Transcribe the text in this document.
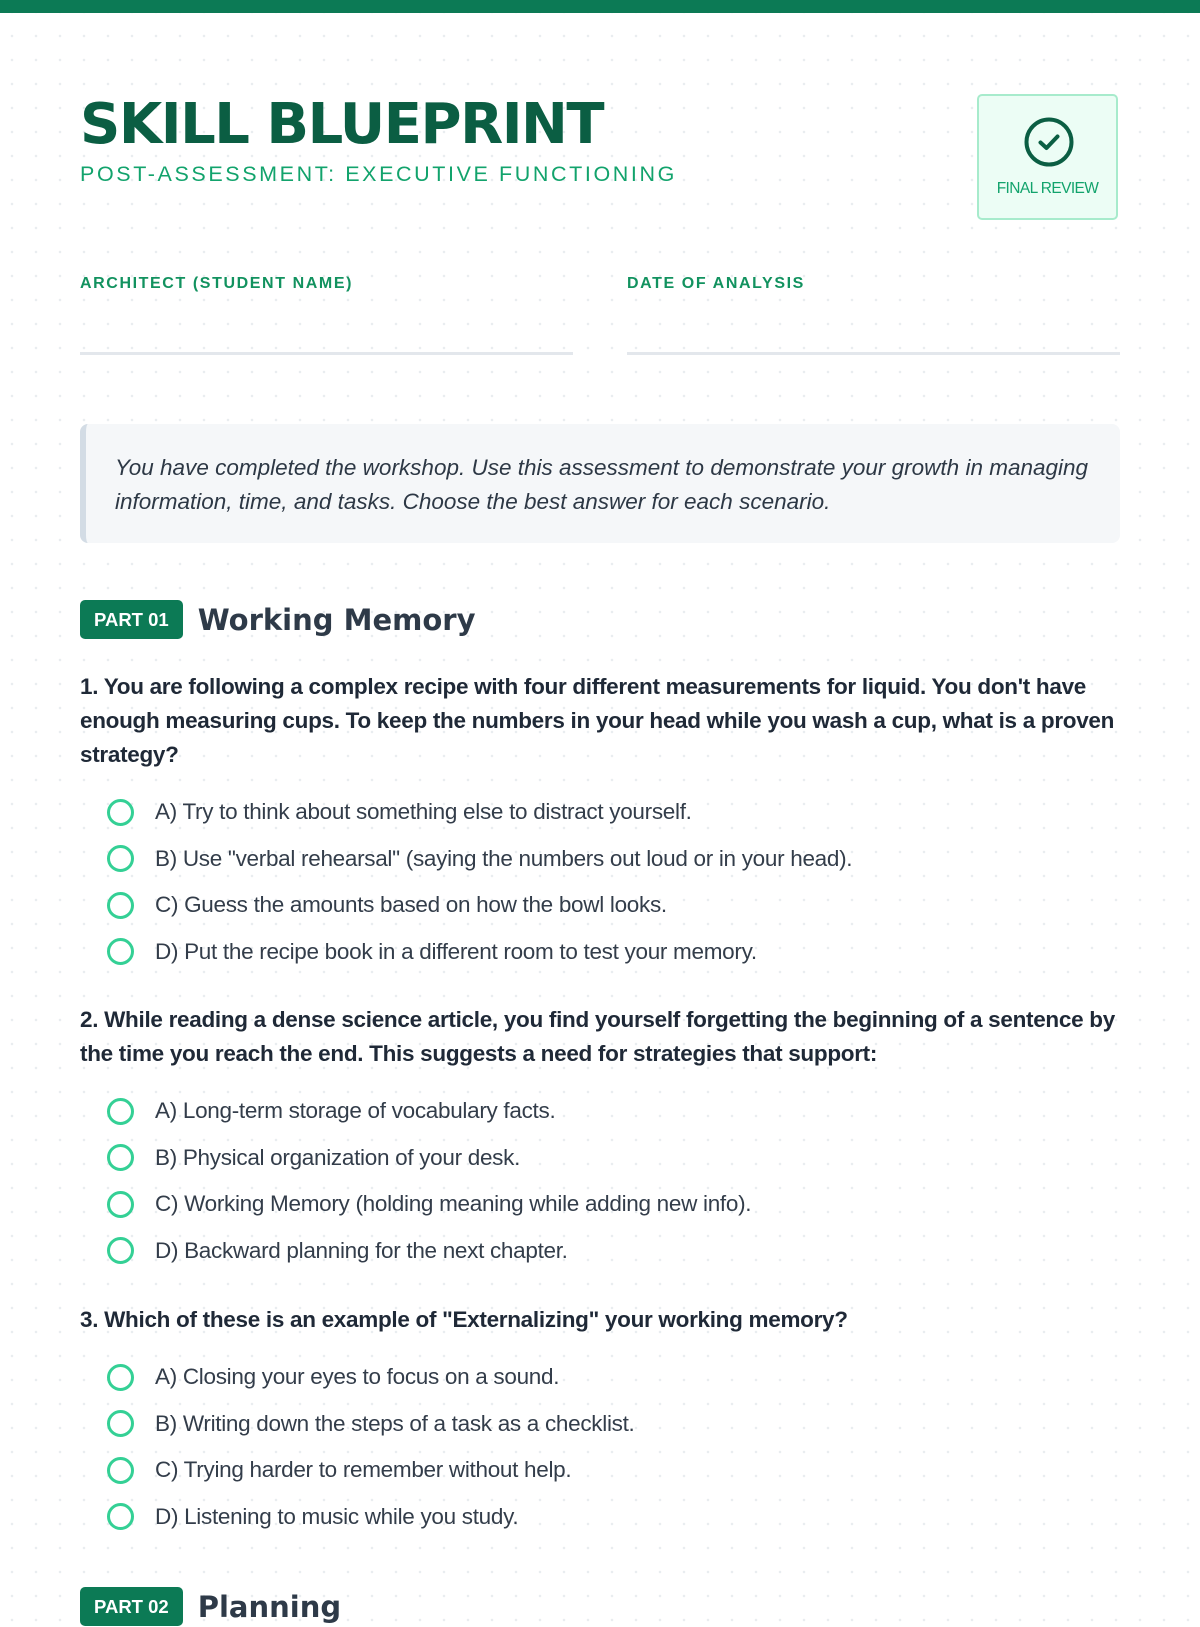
SKILL BLUEPRINT
POST-ASSESSMENT: EXECUTIVE FUNCTIONING
FINAL REVIEW
ARCHITECT (STUDENT NAME)	DATE OF ANALYSIS
You have completed the workshop. Use this assessment to demonstrate your growth in managing information, time, and tasks. Choose the best answer for each scenario.
PART 01	Working Memory
1. You are following a complex recipe with four different measurements for liquid. You don't have enough measuring cups. To keep the numbers in your head while you wash a cup, what is a proven strategy?
A) Try to think about something else to distract yourself.
B) Use "verbal rehearsal" (saying the numbers out loud or in your head).
C) Guess the amounts based on how the bowl looks.
D) Put the recipe book in a different room to test your memory.
2. While reading a dense science article, you find yourself forgetting the beginning of a sentence by the time you reach the end. This suggests a need for strategies that support:
A) Long-term storage of vocabulary facts.
B) Physical organization of your desk.
C) Working Memory (holding meaning while adding new info).
D) Backward planning for the next chapter.
3. Which of these is an example of "Externalizing" your working memory?
A) Closing your eyes to focus on a sound.
B) Writing down the steps of a task as a checklist.
C) Trying harder to remember without help.
D) Listening to music while you study.
PART 02	Planning
